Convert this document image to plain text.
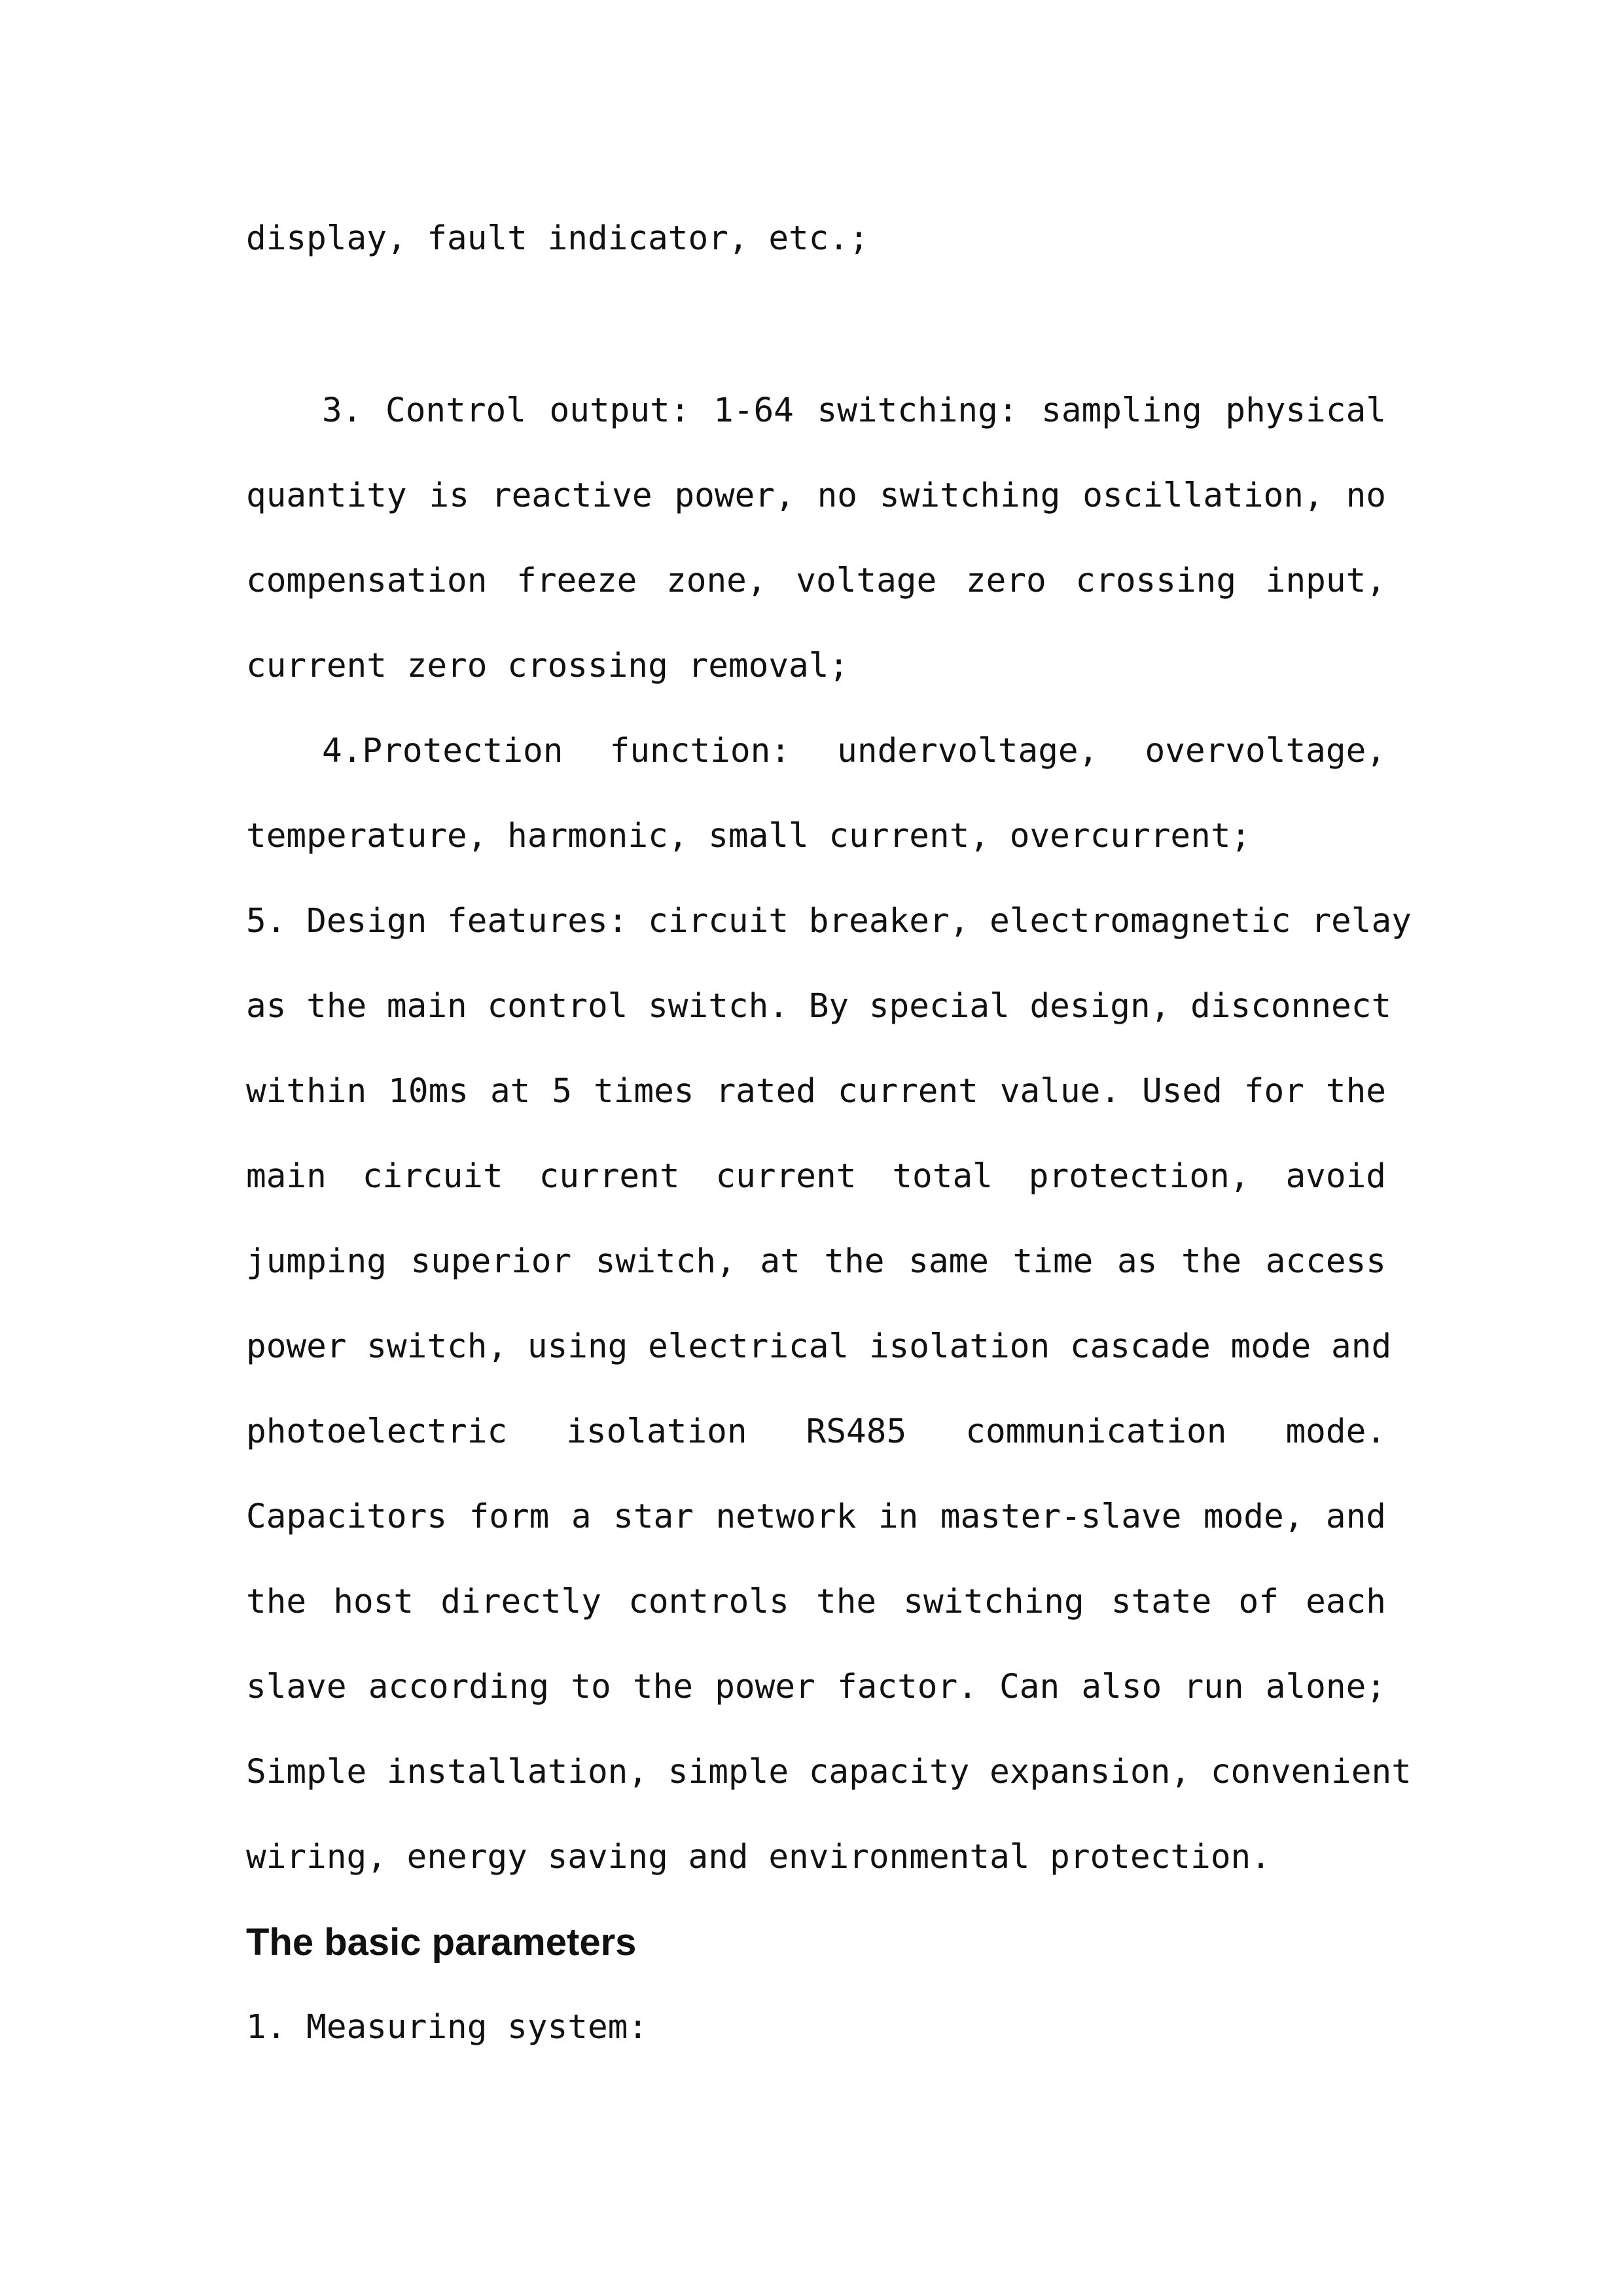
display, fault indicator, etc.;
3. Control output: 1-64 switching: sampling physical
quantity is reactive power, no switching oscillation, no
compensation freeze zone, voltage zero crossing input,
current zero crossing removal;
4.Protection function: undervoltage, overvoltage,
temperature, harmonic, small current, overcurrent;
5. Design features: circuit breaker, electromagnetic relay
as the main control switch. By special design, disconnect
within 10ms at 5 times rated current value. Used for the
main circuit current current total protection, avoid
jumping superior switch, at the same time as the access
power switch, using electrical isolation cascade mode and
photoelectric isolation RS485 communication mode.
Capacitors form a star network in master-slave mode, and
the host directly controls the switching state of each
slave according to the power factor. Can also run alone;
Simple installation, simple capacity expansion, convenient
wiring, energy saving and environmental protection.
The basic parameters
1. Measuring system:
